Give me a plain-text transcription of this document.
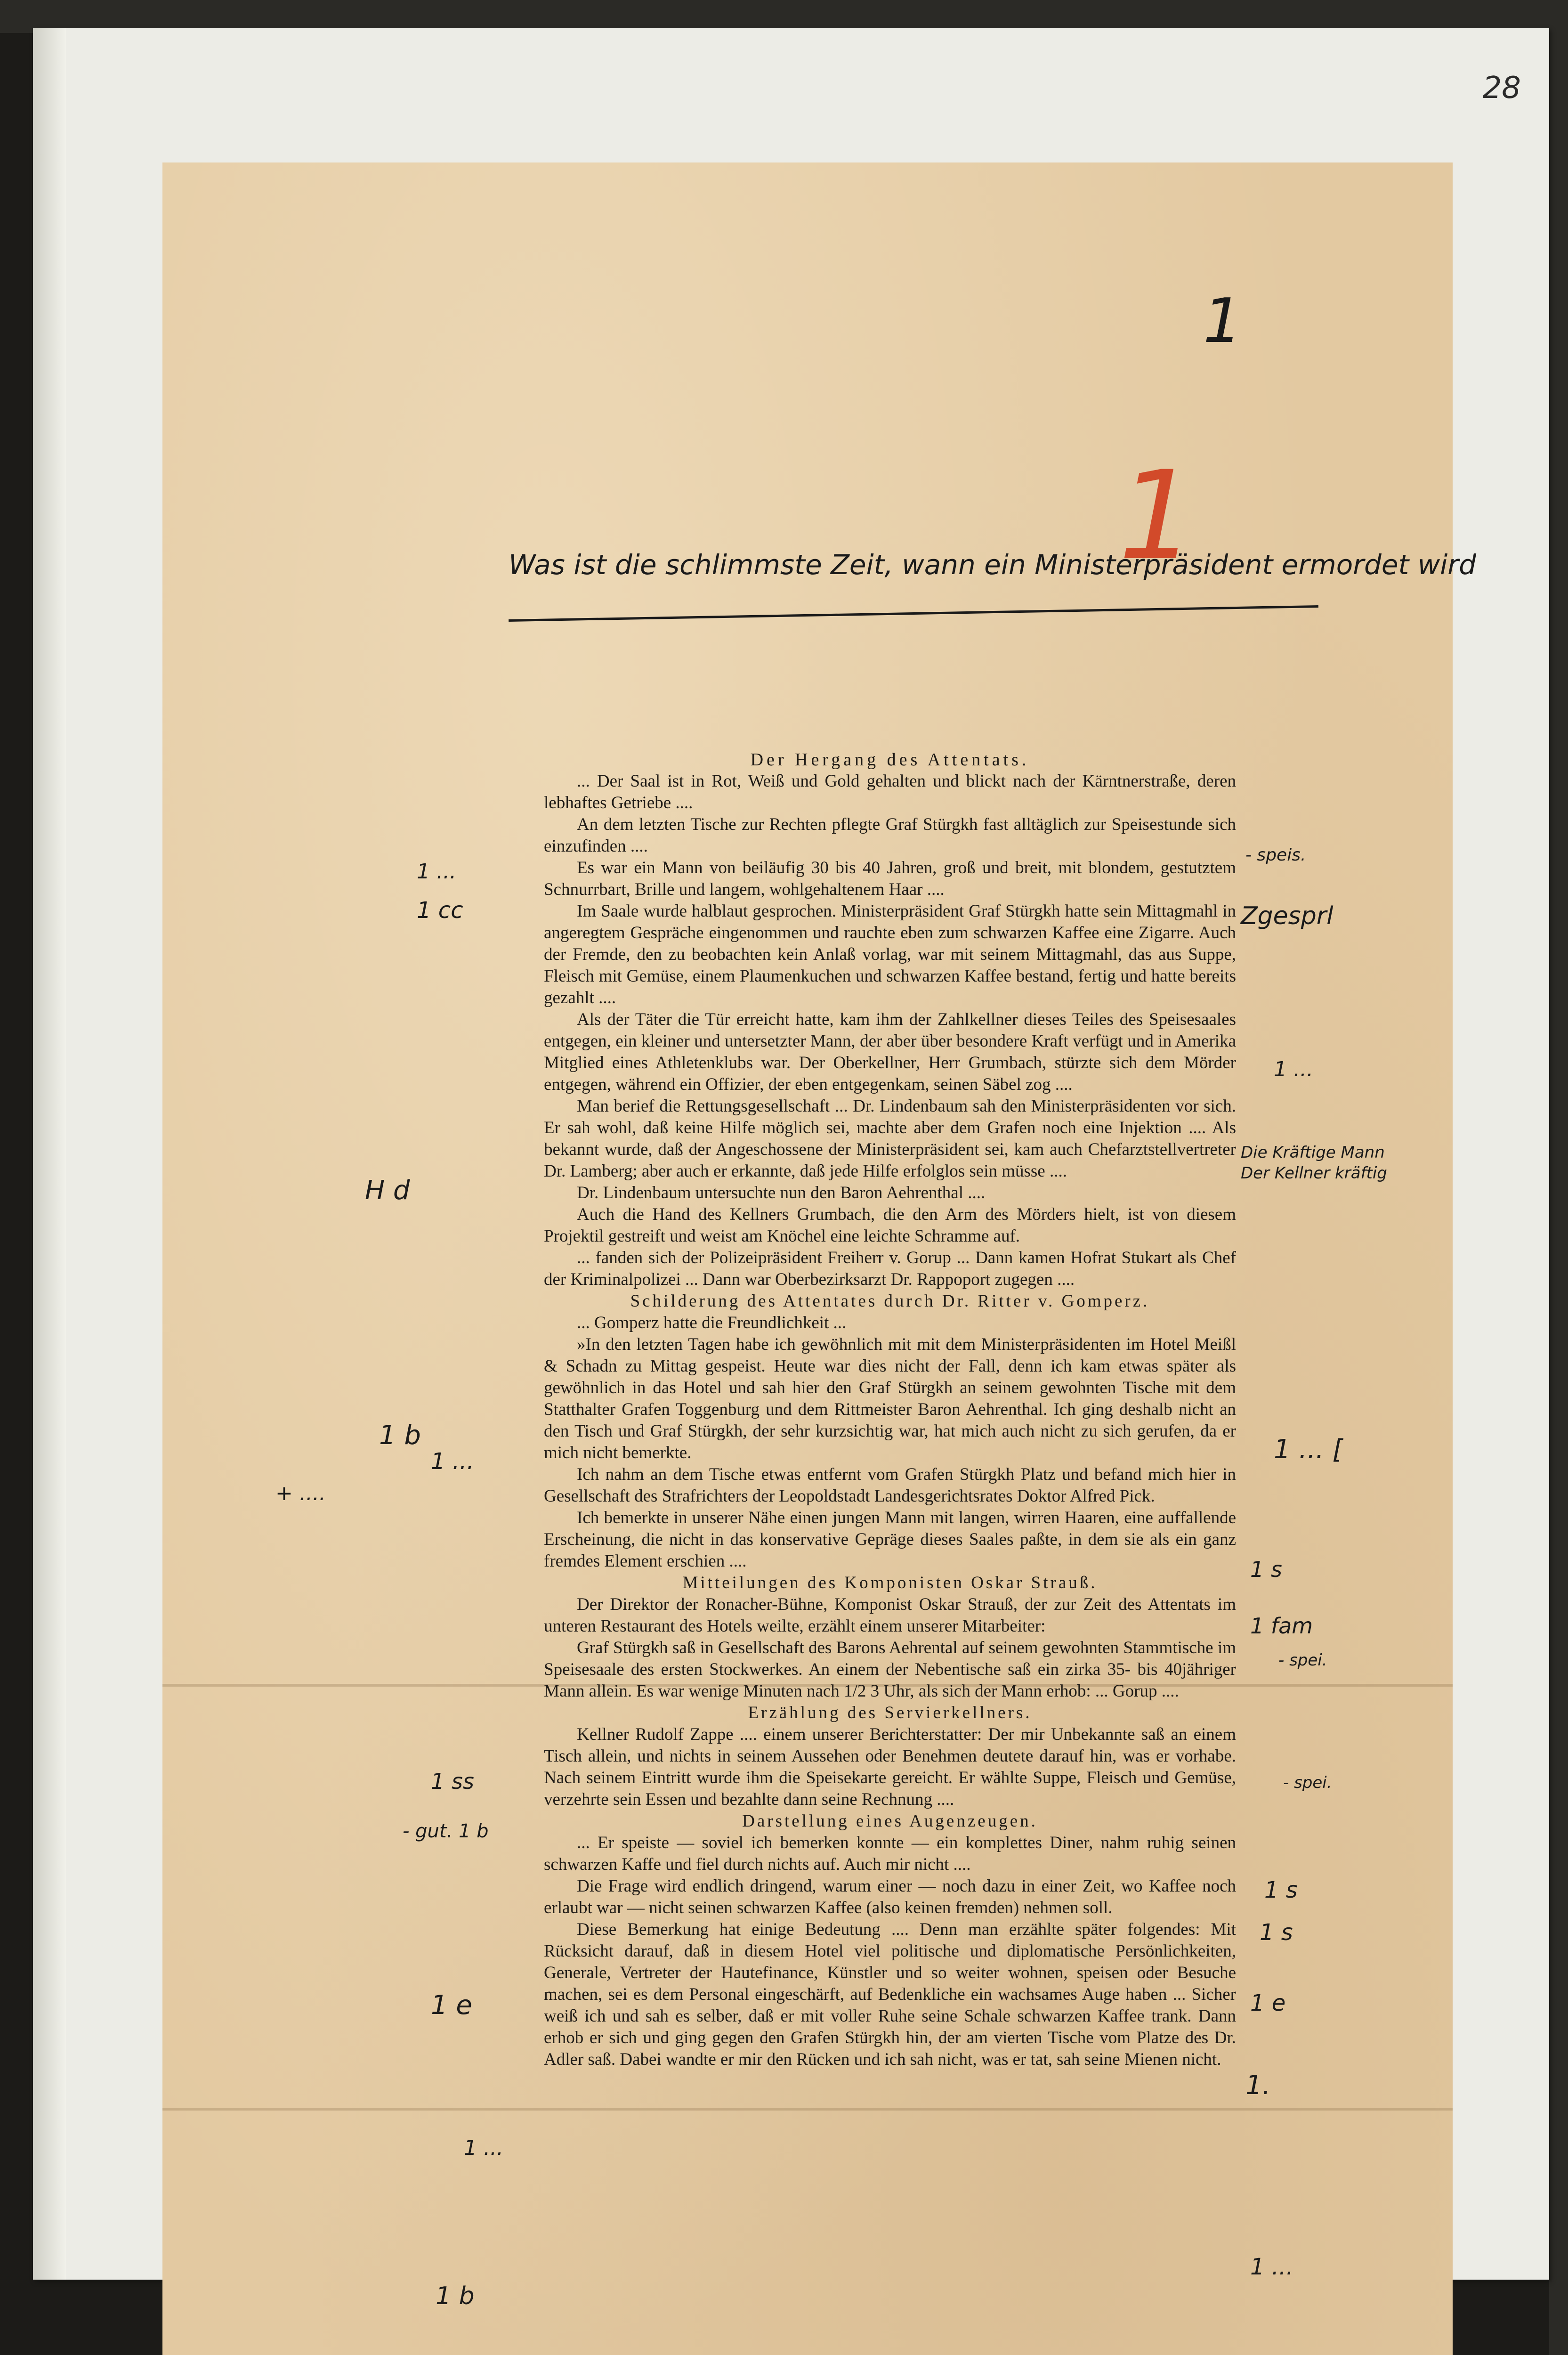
28
1
1
Was ist die schlimmste Zeit, wann ein Ministerpräsident ermordet wird
1 ...
1 cc
H d
1 b
+ ....
1 ...
1 ss
- gut. 1 b
1 e
1 ...
1 b
- speis.
Zgesprl
1 ...
Die Kräftige Mann Der Kellner kräftig
1 ... [
1 s
1 fam
- spei.
- spei.
1 s
1 s
1 e
1.
1 ...
Der Hergang des Attentats.

... Der Saal ist in Rot, Weiß und Gold gehalten und blickt nach der Kärntnerstraße, deren lebhaftes Getriebe ....

An dem letzten Tische zur Rechten pflegte Graf Stürgkh fast alltäglich zur Speisestunde sich einzufinden ....

Es war ein Mann von beiläufig 30 bis 40 Jahren, groß und breit, mit blondem, gestutztem Schnurrbart, Brille und langem, wohlgehaltenem Haar ....

Im Saale wurde halblaut gesprochen. Ministerpräsident Graf Stürgkh hatte sein Mittagmahl in angeregtem Gespräche eingenommen und rauchte eben zum schwarzen Kaffee eine Zigarre. Auch der Fremde, den zu beobachten kein Anlaß vorlag, war mit seinem Mittagmahl, das aus Suppe, Fleisch mit Gemüse, einem Plaumenkuchen und schwarzen Kaffee bestand, fertig und hatte bereits gezahlt ....

Als der Täter die Tür erreicht hatte, kam ihm der Zahlkellner dieses Teiles des Speisesaales entgegen, ein kleiner und untersetzter Mann, der aber über besondere Kraft verfügt und in Amerika Mitglied eines Athletenklubs war. Der Oberkellner, Herr Grumbach, stürzte sich dem Mörder entgegen, während ein Offizier, der eben entgegenkam, seinen Säbel zog ....

Man berief die Rettungsgesellschaft ... Dr. Lindenbaum sah den Ministerpräsidenten vor sich. Er sah wohl, daß keine Hilfe möglich sei, machte aber dem Grafen noch eine Injektion .... Als bekannt wurde, daß der Angeschossene der Ministerpräsident sei, kam auch Chefarztstellvertreter Dr. Lamberg; aber auch er erkannte, daß jede Hilfe erfolglos sein müsse ....

Dr. Lindenbaum untersuchte nun den Baron Aehrenthal ....

Auch die Hand des Kellners Grumbach, die den Arm des Mörders hielt, ist von diesem Projektil gestreift und weist am Knöchel eine leichte Schramme auf.

... fanden sich der Polizeipräsident Freiherr v. Gorup ... Dann kamen Hofrat Stukart als Chef der Kriminalpolizei ... Dann war Oberbezirksarzt Dr. Rappoport zugegen ....

Schilderung des Attentates durch Dr. Ritter v. Gomperz.

... Gomperz hatte die Freundlichkeit ...

»In den letzten Tagen habe ich gewöhnlich mit mit dem Ministerpräsidenten im Hotel Meißl & Schadn zu Mittag gespeist. Heute war dies nicht der Fall, denn ich kam etwas später als gewöhnlich in das Hotel und sah hier den Graf Stürgkh an seinem gewohnten Tische mit dem Statthalter Grafen Toggenburg und dem Rittmeister Baron Aehrenthal. Ich ging deshalb nicht an den Tisch und Graf Stürgkh, der sehr kurzsichtig war, hat mich auch nicht zu sich gerufen, da er mich nicht bemerkte.

Ich nahm an dem Tische etwas entfernt vom Grafen Stürgkh Platz und befand mich hier in Gesellschaft des Strafrichters der Leopoldstadt Landesgerichtsrates Doktor Alfred Pick.

Ich bemerkte in unserer Nähe einen jungen Mann mit langen, wirren Haaren, eine auffallende Erscheinung, die nicht in das konservative Gepräge dieses Saales paßte, in dem sie als ein ganz fremdes Element erschien ....

Mitteilungen des Komponisten Oskar Strauß.

Der Direktor der Ronacher-Bühne, Komponist Oskar Strauß, der zur Zeit des Attentats im unteren Restaurant des Hotels weilte, erzählt einem unserer Mitarbeiter:

Graf Stürgkh saß in Gesellschaft des Barons Aehrental auf seinem gewohnten Stammtische im Speisesaale des ersten Stockwerkes. An einem der Nebentische saß ein zirka 35- bis 40jähriger Mann allein. Es war wenige Minuten nach 1/2 3 Uhr, als sich der Mann erhob: ... Gorup ....

Erzählung des Servierkellners.

Kellner Rudolf Zappe .... einem unserer Berichterstatter: Der mir Unbekannte saß an einem Tisch allein, und nichts in seinem Aussehen oder Benehmen deutete darauf hin, was er vorhabe. Nach seinem Eintritt wurde ihm die Speisekarte gereicht. Er wählte Suppe, Fleisch und Gemüse, verzehrte sein Essen und bezahlte dann seine Rechnung ....

Darstellung eines Augenzeugen.

... Er speiste — soviel ich bemerken konnte — ein komplettes Diner, nahm ruhig seinen schwarzen Kaffe und fiel durch nichts auf. Auch mir nicht ....

Die Frage wird endlich dringend, warum einer — noch dazu in einer Zeit, wo Kaffee noch erlaubt war — nicht seinen schwarzen Kaffee (also keinen fremden) nehmen soll.

Diese Bemerkung hat einige Bedeutung .... Denn man erzählte später folgendes: Mit Rücksicht darauf, daß in diesem Hotel viel politische und diplomatische Persönlichkeiten, Generale, Vertreter der Hautefinance, Künstler und so weiter wohnen, speisen oder Besuche machen, sei es dem Personal eingeschärft, auf Bedenkliche ein wachsames Auge haben ... Sicher weiß ich und sah es selber, daß er mit voller Ruhe seine Schale schwarzen Kaffee trank. Dann erhob er sich und ging gegen den Grafen Stürgkh hin, der am vierten Tische vom Platze des Dr. Adler saß. Dabei wandte er mir den Rücken und ich sah nicht, was er tat, sah seine Mienen nicht.
